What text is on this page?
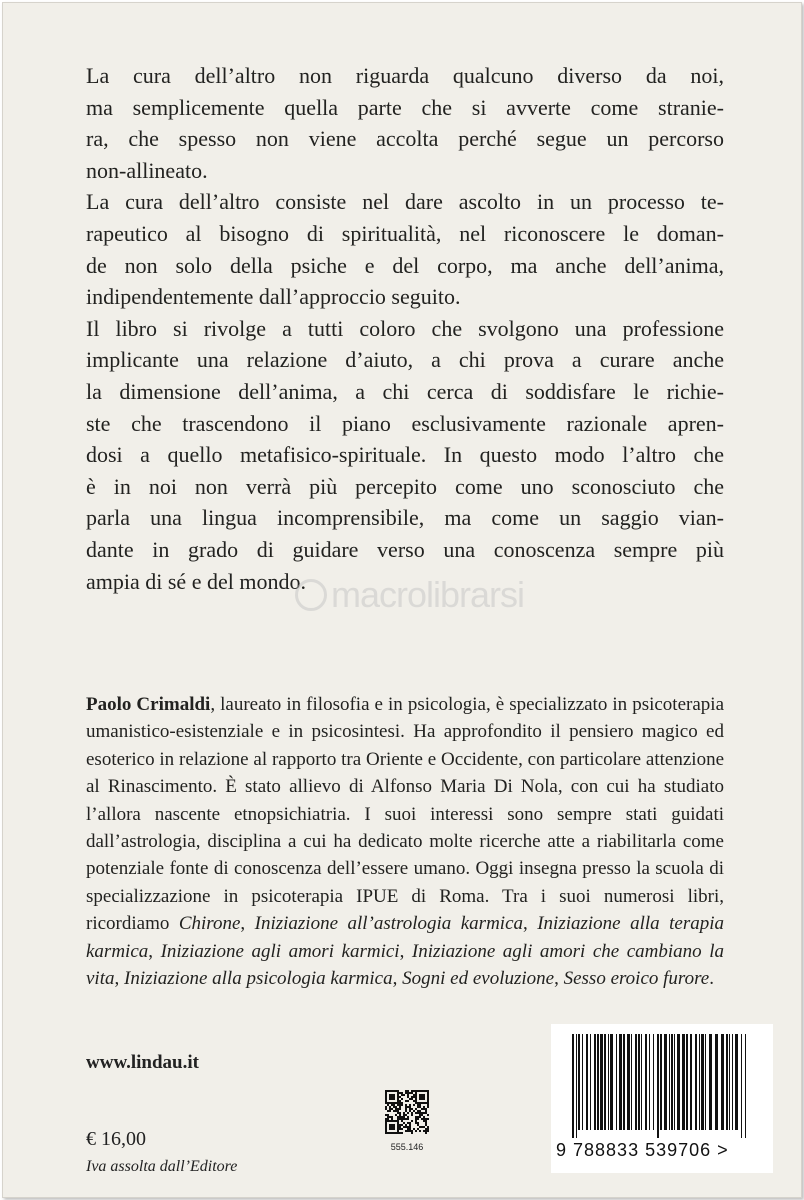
La cura dell’altro non riguarda qualcuno diverso da noi,

ma semplicemente quella parte che si avverte come stranie-

ra, che spesso non viene accolta perché segue un percorso

non-allineato.

La cura dell’altro consiste nel dare ascolto in un processo te-

rapeutico al bisogno di spiritualità, nel riconoscere le doman-

de non solo della psiche e del corpo, ma anche dell’anima,

indipendentemente dall’approccio seguito.

Il libro si rivolge a tutti coloro che svolgono una professione

implicante una relazione d’aiuto, a chi prova a curare anche

la dimensione dell’anima, a chi cerca di soddisfare le richie-

ste che trascendono il piano esclusivamente razionale apren-

dosi a quello metafisico-spirituale. In questo modo l’altro che

è in noi non verrà più percepito come uno sconosciuto che

parla una lingua incomprensibile, ma come un saggio vian-

dante in grado di guidare verso una conoscenza sempre più

ampia di sé e del mondo. macrolibrarsi
Paolo Crimaldi, laureato in filosofia e in psicologia, è specializzato in psicoterapia umanistico-esistenziale e in psicosintesi. Ha approfondito il pensiero magico ed esoterico in relazione al rapporto tra Oriente e Occidente, con particolare attenzione al Rinascimento. È stato allievo di Alfonso Maria Di Nola, con cui ha studiato l’allora nascente etnopsichiatria. I suoi interessi sono sempre stati guidati dall’astrologia, disciplina a cui ha dedicato molte ricerche atte a riabilitarla come potenziale fonte di conoscenza dell’essere umano. Oggi insegna presso la scuola di specializzazione in psicoterapia IPUE di Roma. Tra i suoi numerosi libri, ricordiamo Chirone, Iniziazione all’astrologia karmica, Iniziazione alla terapia karmica, Iniziazione agli amori karmici, Iniziazione agli amori che cambiano la vita, Iniziazione alla psicologia karmica, Sogni ed evoluzione, Sesso eroico furore.
www.lindau.it
€ 16,00
Iva assolta dall’Editore
555.146	9 788833 539706 >
